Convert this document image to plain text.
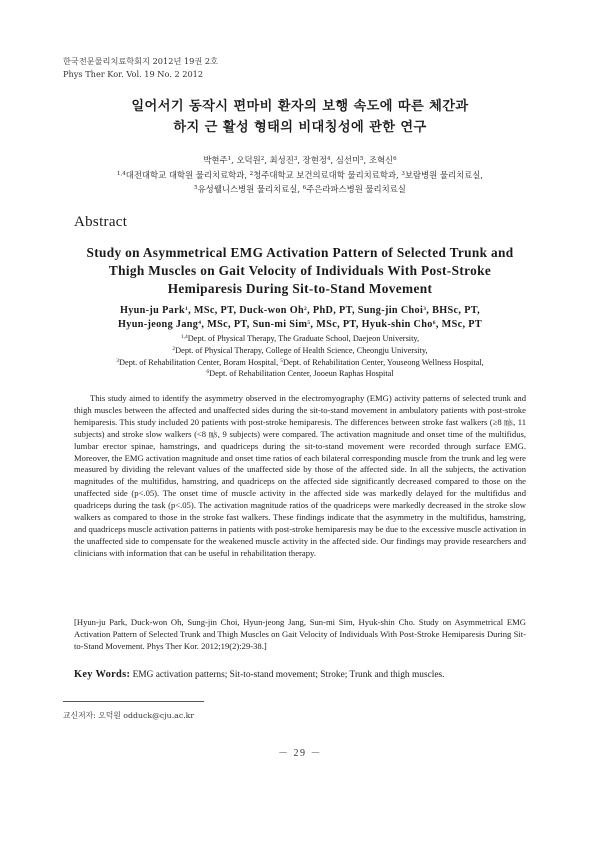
한국전문물리치료학회지 2012년 19권 2호
Phys Ther Kor. Vol. 19 No. 2 2012
일어서기 동작시 편마비 환자의 보행 속도에 따른 체간과
하지 근 활성 형태의 비대칭성에 관한 연구
박현주$^1$, 오덕원$^2$, 최성진$^3$, 장현정$^4$, 심선미$^5$, 조혁신$^6$
$^{1,4}$대전대학교 대학원 물리치료학과, $^2$청주대학교 보건의료대학 물리치료학과, $^3$보람병원 물리치료실,
$^5$유성웰니스병원 물리치료실, $^6$주은라파스병원 물리치료실
Abstract
Study on Asymmetrical EMG Activation Pattern of Selected Trunk and
Thigh Muscles on Gait Velocity of Individuals With Post-Stroke
Hemiparesis During Sit-to-Stand Movement
Hyun-ju Park$^1$, MSc, PT, Duck-won Oh$^2$, PhD, PT, Sung-jin Choi$^3$, BHSc, PT,
Hyun-jeong Jang$^4$, MSc, PT, Sun-mi Sim$^5$, MSc, PT, Hyuk-shin Cho$^6$, MSc, PT
$^{1,4}$Dept. of Physical Therapy, The Graduate School, Daejeon University,
$^2$Dept. of Physical Therapy, College of Health Science, Cheongju University,
$^3$Dept. of Rehabilitation Center, Boram Hospital, $^5$Dept. of Rehabilitation Center, Youseong Wellness Hospital,
$^6$Dept. of Rehabilitation Center, Jooeun Raphas Hospital

This study aimed to identify the asymmetry observed in the electromyography (EMG) activity patterns of selected trunk and thigh muscles between the affected and unaffected sides during the sit-to-stand movement in ambulatory patients with post-stroke hemiparesis. This study included 20 patients with post-stroke hemiparesis. The differences between stroke fast walkers (≥8 ㎧, 11 subjects) and stroke slow walkers (<8 ㎧, 9 subjects) were compared. The activation magnitude and onset time of the multifidus, lumbar erector spinae, hamstrings, and quadriceps during the sit-to-stand movement were recorded through surface EMG. Moreover, the EMG activation magnitude and onset time ratios of each bilateral corresponding muscle from the trunk and leg were measured by dividing the relevant values of the unaffected side by those of the affected side. In all the subjects, the activation magnitudes of the multifidus, hamstring, and quadriceps on the affected side significantly decreased compared to those on the unaffected side (p<.05). The onset time of muscle activity in the affected side was markedly delayed for the multifidus and quadriceps during the task (p<.05). The activation magnitude ratios of the quadriceps were markedly decreased in the stroke slow walkers as compared to those in the stroke fast walkers. These findings indicate that the asymmetry in the multifidus, hamstring, and quadriceps muscle activation patterns in patients with post-stroke hemiparesis may be due to the excessive muscle activation in the unaffected side to compensate for the weakened muscle activity in the affected side. Our findings may provide researchers and clinicians with information that can be useful in rehabilitation therapy.

[Hyun-ju Park, Duck-won Oh, Sung-jin Choi, Hyun-jeong Jang, Sun-mi Sim, Hyuk-shin Cho. Study on Asymmetrical EMG Activation Pattern of Selected Trunk and Thigh Muscles on Gait Velocity of Individuals With Post-Stroke Hemiparesis During Sit-to-Stand Movement. Phys Ther Kor. 2012;19(2):29-38.]

Key Words: EMG activation patterns; Sit-to-stand movement; Stroke; Trunk and thigh muscles.
교신저자: 오덕원 odduck@cju.ac.kr
－ 29 －
